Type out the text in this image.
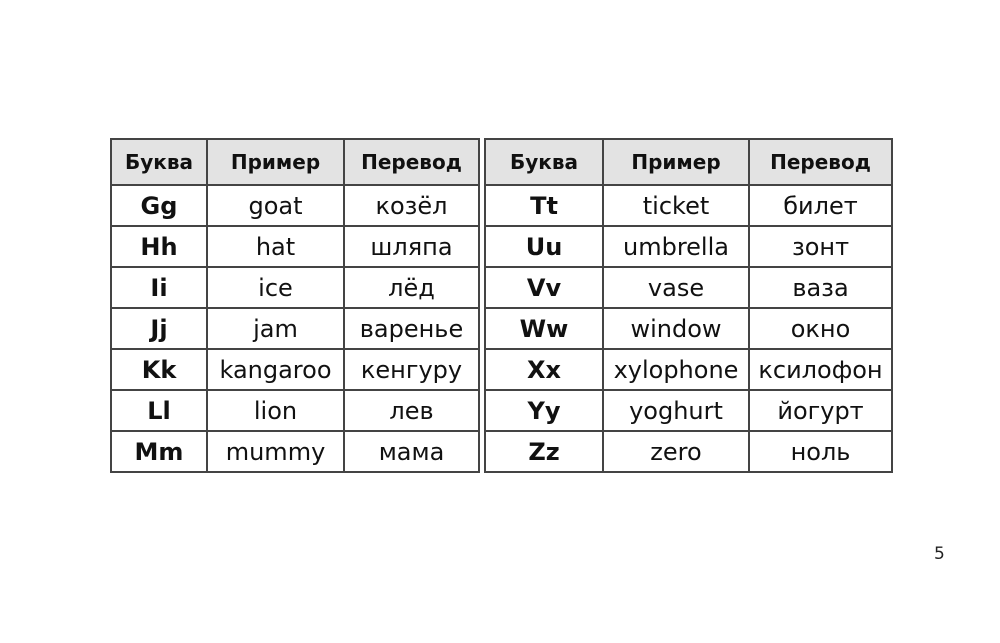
Буква	Пример	Перевод
Gg	goat	козёл
Hh	hat	шляпа
Ii	ice	лёд
Jj	jam	варенье
Kk	kangaroo	кенгуру
Ll	lion	лев
Mm	mummy	мама
Буква	Пример	Перевод
Tt	ticket	билет
Uu	umbrella	зонт
Vv	vase	ваза
Ww	window	окно
Xx	xylophone	ксилофон
Yy	yoghurt	йогурт
Zz	zero	ноль
5
